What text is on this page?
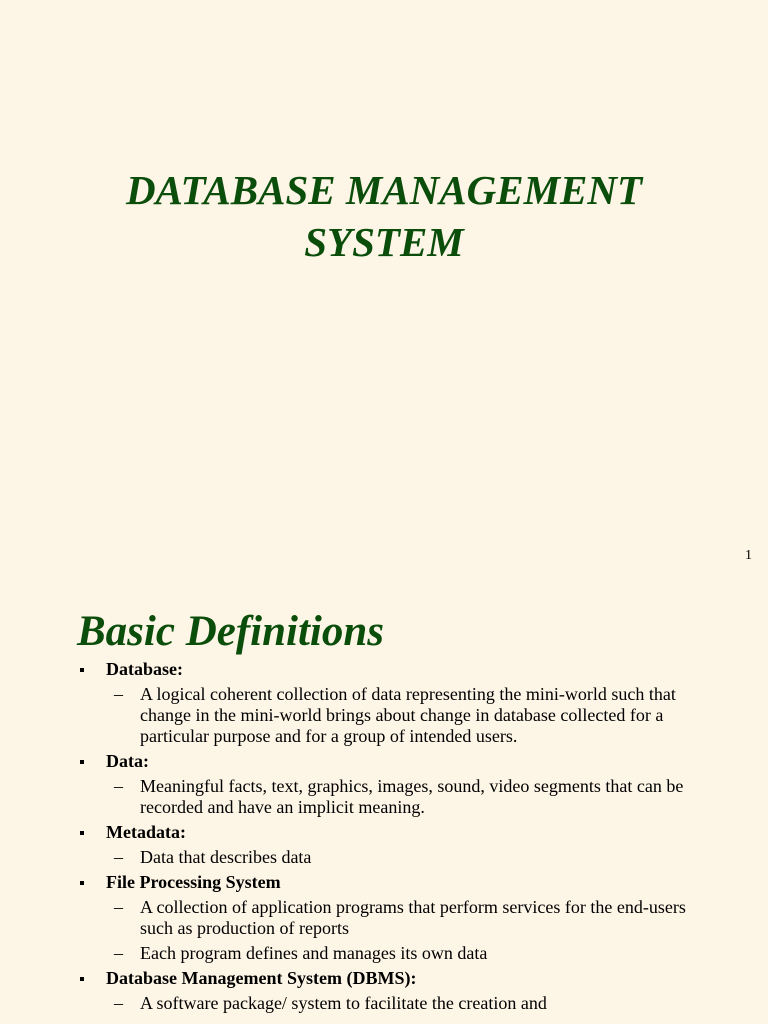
DATABASE MANAGEMENT
SYSTEM
1
Basic Definitions
Database:
– A logical coherent collection of data representing the mini-world such that change in the mini-world brings about change in database collected for a particular purpose and for a group of intended users.
Data:
– Meaningful facts, text, graphics, images, sound, video segments that can be recorded and have an implicit meaning.
Metadata:
– Data that describes data
File Processing System
– A collection of application programs that perform services for the end-users such as production of reports
– Each program defines and manages its own data
Database Management System (DBMS):
– A software package/ system to facilitate the creation and
